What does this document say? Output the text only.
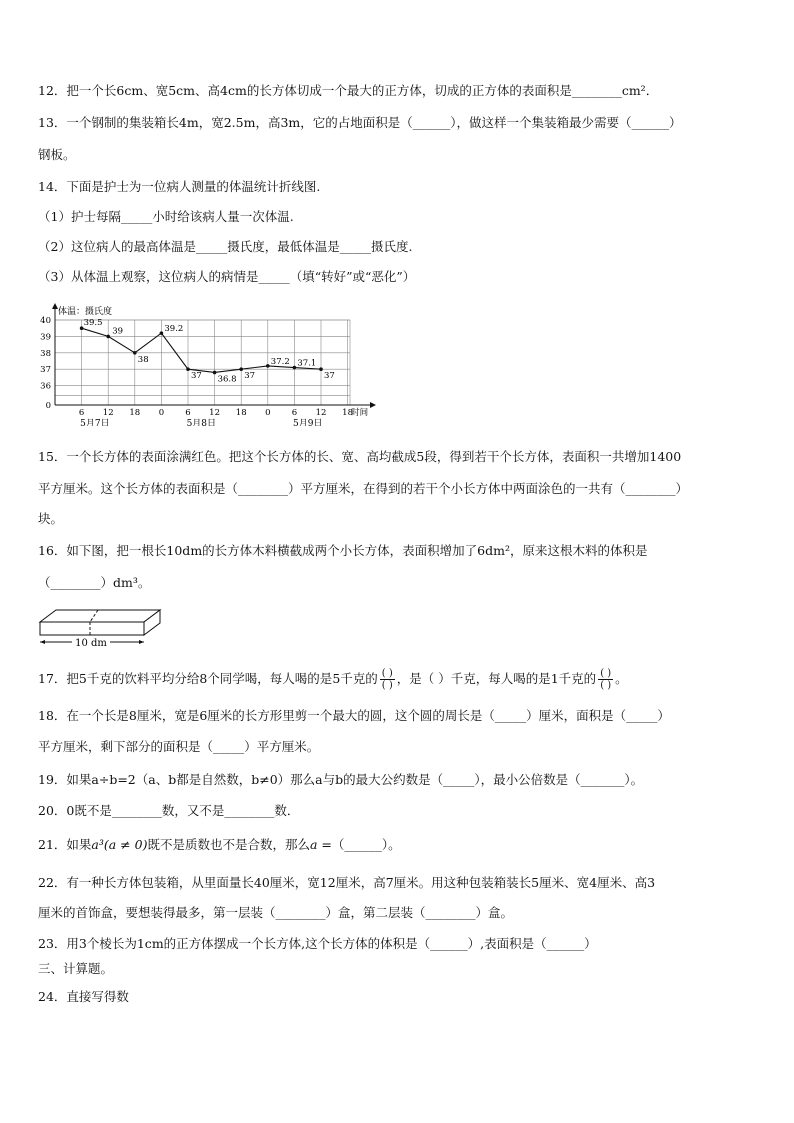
12．把一个长6cm、宽5cm、高4cm的长方体切成一个最大的正方体，切成的正方体的表面积是________cm²．
13．一个钢制的集装箱长4m，宽2.5m，高3m，它的占地面积是（______），做这样一个集装箱最少需要（______）
钢板。
14．下面是护士为一位病人测量的体温统计折线图.
（1）护士每隔_____小时给该病人量一次体温.
（2）这位病人的最高体温是_____摄氏度，最低体温是_____摄氏度.
（3）从体温上观察，这位病人的病情是_____（填“转好”或“恶化”）
体温：摄氏度
0
36
37
38
39
40
6 12 18 0 6 12 18 0 6 12 18
时间
5月7日	5月8日	5月9日
39.5
39
38
39.2
37 36.8 37
37.2 37.1
37
15．一个长方体的表面涂满红色。把这个长方体的长、宽、高均截成5段，得到若干个长方体，表面积一共增加1400
平方厘米。这个长方体的表面积是（________）平方厘米，在得到的若干个小长方体中两面涂色的一共有（________）
块。
16．如下图，把一根长10dm的长方体木料横截成两个小长方体，表面积增加了6dm²，原来这根木料的体积是
（________）dm³。
10 dm
17．把5千克的饮料平均分给8个同学喝，每人喝的是5千克的 $\frac{( )}{( )}$ ，是（ ）千克，每人喝的是1千克的 $\frac{( )}{( )}$ 。
18．在一个长是8厘米，宽是6厘米的长方形里剪一个最大的圆，这个圆的周长是（_____）厘米，面积是（_____）
平方厘米，剩下部分的面积是（_____）平方厘米。
19．如果a÷b=2（a、b都是自然数，b≠0）那么a与b的最大公约数是（_____），最小公倍数是（_______）。
20．0既不是________数，又不是________数．
21．如果a³(a ≠ 0)既不是质数也不是合数，那么a =（______）。
22．有一种长方体包装箱，从里面量长40厘米，宽12厘米，高7厘米。用这种包装箱装长5厘米、宽4厘米、高3
厘米的首饰盒，要想装得最多，第一层装（________）盒，第二层装（________）盒。
23．用3个棱长为1cm的正方体摆成一个长方体,这个长方体的体积是（______）,表面积是（______）
三、计算题。
24．直接写得数
